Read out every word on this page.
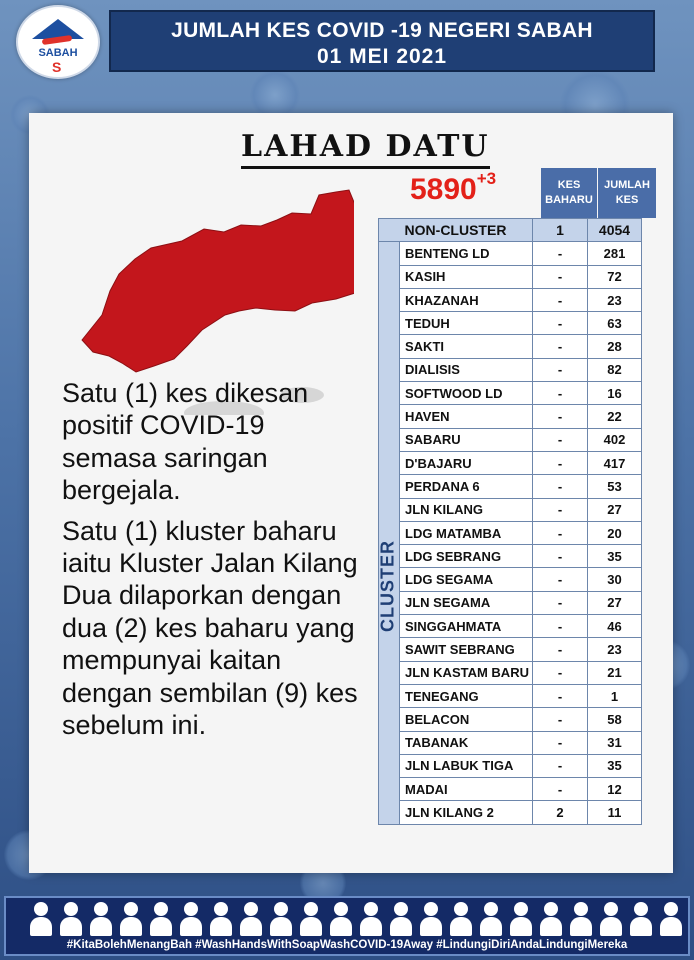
SABAH
S
JUMLAH KES COVID -19 NEGERI SABAH
01 MEI 2021
LAHAD DATU
$5890^{+3}$

Satu (1) kes dikesan positif COVID-19 semasa saringan bergejala.

Satu (1) kluster baharu iaitu Kluster Jalan Kilang Dua dilaporkan dengan dua (2) kes baharu yang mempunyai kaitan dengan sembilan (9) kes sebelum ini.

KES
BAHARU
JUMLAH
KES
NON-CLUSTER		1	4054
	BENTENG LD	-	281
	KASIH	-	72
	KHAZANAH	-	23
	TEDUH	-	63
	SAKTI	-	28
	DIALISIS	-	82
	SOFTWOOD LD	-	16
	HAVEN	-	22
	SABARU	-	402
	D'BAJARU	-	417
	PERDANA 6	-	53
	JLN KILANG	-	27
	LDG MATAMBA	-	20
	LDG SEBRANG	-	35
	LDG SEGAMA	-	30
	JLN SEGAMA	-	27
	SINGGAHMATA	-	46
	SAWIT SEBRANG	-	23
	JLN KASTAM BARU	-	21
	TENEGANG	-	1
	BELACON	-	58
	TABANAK	-	31
	JLN LABUK TIGA	-	35
	MADAI	-	12
	JLN KILANG 2	2	11
CLUSTER
#KitaBolehMenangBah #WashHandsWithSoapWashCOVID-19Away #LindungiDiriAndaLindungiMereka
